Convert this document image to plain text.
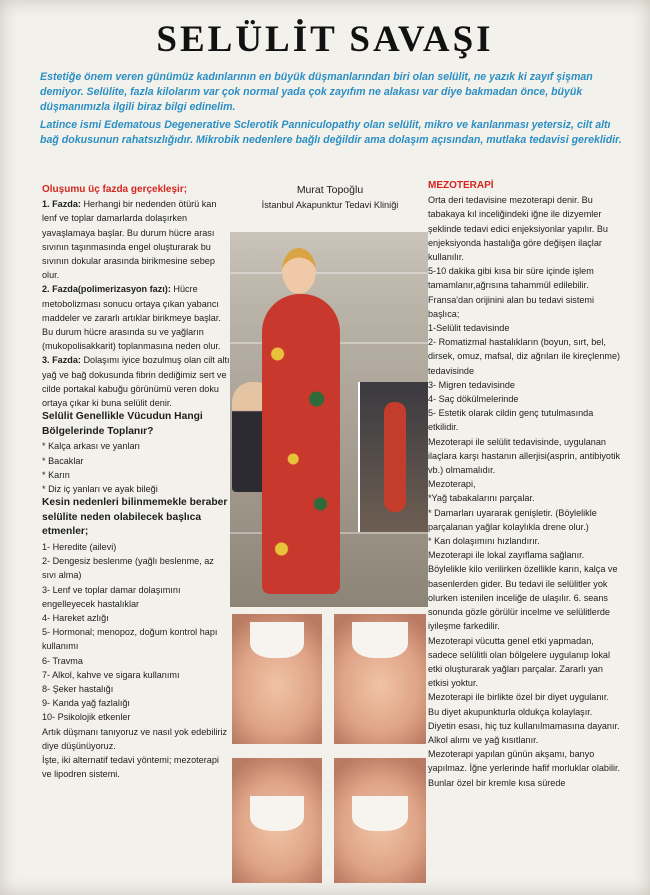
SELÜLİT SAVAŞI

Estetiğe önem veren günümüz kadınlarının en büyük düşmanlarından biri olan selülit, ne yazık ki zayıf şişman demiyor. Selülite, fazla kilolarım var çok normal yada çok zayıfım ne alakası var diye bakmadan önce, büyük düşmanımızla ilgili biraz bilgi edinelim.

Latince ismi Edematous Degenerative Sclerotik Panniculopathy olan selülit, mikro ve kanlanması yetersiz, cilt altı bağ dokusunun rahatsızlığıdır. Mikrobik nedenlere bağlı değildir ama dolaşım açısından, mutlaka tedavisi gereklidir.

Oluşumu üç fazda gerçekleşir;

1. Fazda: Herhangi bir nedenden ötürü kan lenf ve toplar damarlarda dolaşırken yavaşlamaya başlar. Bu durum hücre arası sıvının taşınmasında engel oluşturarak bu sıvının dokular arasında birikmesine sebep olur.

2. Fazda(polimerizasyon fazı): Hücre metobolizması sonucu ortaya çıkan yabancı maddeler ve zararlı artıklar birikmeye başlar. Bu durum hücre arasında su ve yağların (mukopolisakkarit) toplanmasına neden olur.

3. Fazda: Dolaşımı iyice bozulmuş olan cilt altı yağ ve bağ dokusunda fibrin dediğimiz sert ve cilde portakal kabuğu görünümü veren doku ortaya çıkar ki buna selülit denir.

Selülit Genellikle Vücudun Hangi Bölgelerinde Toplanır?

* Kalça arkası ve yanları

* Bacaklar

* Karın

* Diz iç yanları ve ayak bileği

Kesin nedenleri bilinmemekle beraber selülite neden olabilecek başlıca etmenler;

1- Heredite (ailevi)

2- Dengesiz beslenme (yağlı beslenme, az sıvı alma)

3- Lenf ve toplar damar dolaşımını engelleyecek hastalıklar

4- Hareket azlığı

5- Hormonal; menopoz, doğum kontrol hapı kullanımı

6- Travma

7- Alkol, kahve ve sigara kullanımı

8- Şeker hastalığı

9- Kanda yağ fazlalığı

10- Psikolojik etkenler

Artık düşmanı tanıyoruz ve nasıl yok edebiliriz diye düşünüyoruz.

İşte, iki alternatif tedavi yöntemi; mezoterapi ve lipodren sistemi.

Murat Topoğlu
İstanbul Akapunktur Tedavi Kliniği

MEZOTERAPİ

Orta deri tedavisine mezoterapi denir. Bu tabakaya kıl inceliğindeki iğne ile dizyemler şeklinde tedavi edici enjeksiyonlar yapılır. Bu enjeksiyonda hastalığa göre değişen ilaçlar kullanılır.

5-10 dakika gibi kısa bir süre içinde işlem tamamlanır,ağrısına tahammül edilebilir.

Fransa'dan orijinini alan bu tedavi sistemi başlıca;

1-Selülit tedavisinde

2- Romatizmal hastalıkların (boyun, sırt, bel, dirsek, omuz, mafsal, diz ağrıları ile kireçlenme) tedavisinde

3- Migren tedavisinde

4- Saç dökülmelerinde

5- Estetik olarak cildin genç tutulmasında etkilidir.

Mezoterapi ile selülit tedavisinde, uygulanan ilaçlara karşı hastanın allerjisi(asprin, antibiyotik vb.) olmamalıdır.

Mezoterapi,

*Yağ tabakalarını parçalar.

* Damarları uyararak genişletir. (Böylelikle parçalanan yağlar kolaylıkla drene olur.)

* Kan dolaşımını hızlandırır.

Mezoterapi ile lokal zayıflama sağlanır. Böylelikle kilo verilirken özellikle karın, kalça ve basenlerden gider. Bu tedavi ile selülitler yok olurken istenilen inceliğe de ulaşılır. 6. seans sonunda gözle görülür incelme ve selülitlerde iyileşme farkedilir.

Mezoterapi vücutta genel etki yapmadan, sadece selülitli olan bölgelere uygulanıp lokal etki oluşturarak yağları parçalar. Zararlı yan etkisi yoktur.

Mezoterapi ile birlikte özel bir diyet uygulanır. Bu diyet akupunkturla oldukça kolaylaşır. Diyetin esası, hiç tuz kullanılmamasına dayanır. Alkol alımı ve yağ kısıtlanır.

Mezoterapi yapılan günün akşamı, banyo yapılmaz. İğne yerlerinde hafif morluklar olabilir. Bunlar özel bir kremle kısa sürede
